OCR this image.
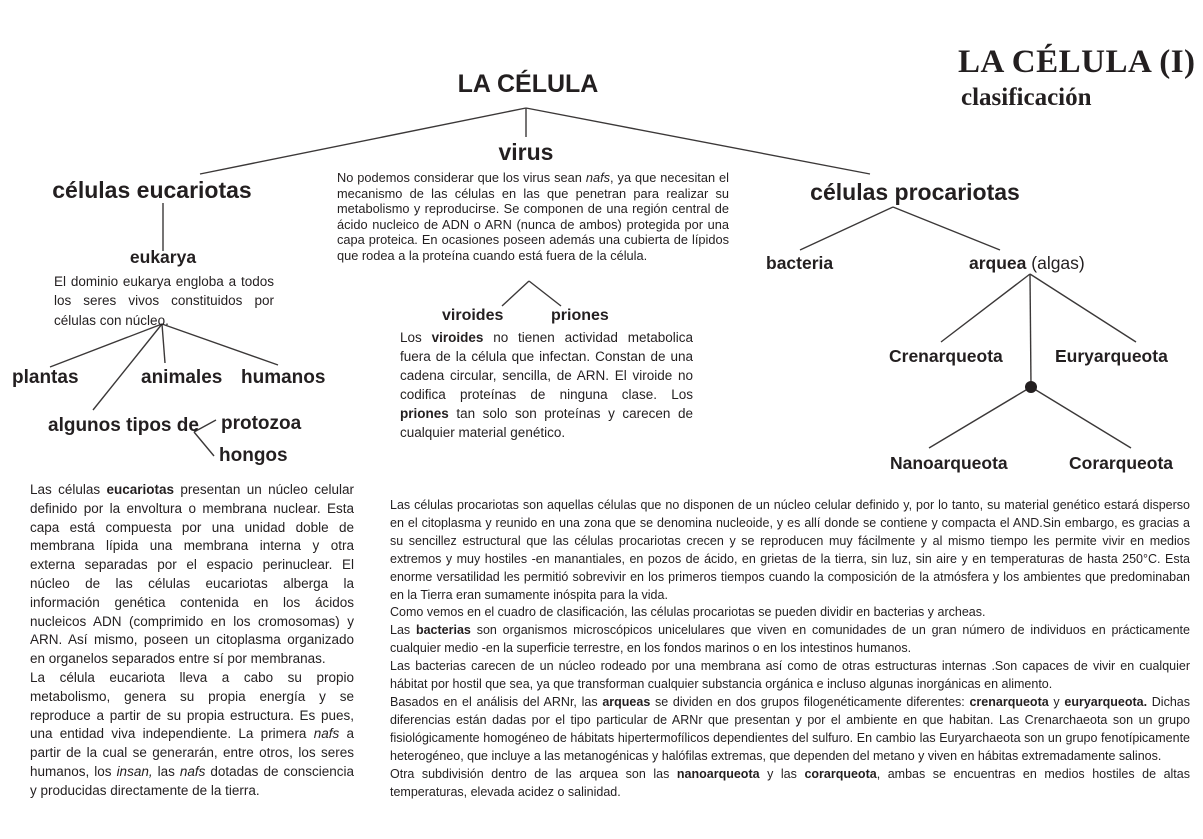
LA CÉLULA (I)
clasificación
LA CÉLULA
células eucariotas
eukarya
El dominio eukarya engloba a todos los seres vivos constituidos por células con núcleo.
plantas	animales humanos
algunos tipos de protozoa
hongos
Las células eucariotas presentan un núcleo celular definido por la envoltura o membrana nuclear. Esta capa está compuesta por una unidad doble de membrana lípida una membrana interna y otra externa separadas por el espacio perinuclear. El núcleo de las células eucariotas alberga la información genética contenida en los ácidos nucleicos ADN (comprimido en los cromosomas) y ARN. Así mismo, poseen un citoplasma organizado en organelos separados entre sí por membranas.
La célula eucariota lleva a cabo su propio metabolismo, genera su propia energía y se reproduce a partir de su propia estructura. Es pues, una entidad viva independiente. La primera nafs a partir de la cual se generarán, entre otros, los seres humanos, los insan, las nafs dotadas de consciencia y producidas directamente de la tierra.
virus
No podemos considerar que los virus sean nafs, ya que necesitan el mecanismo de las células en las que penetran para realizar su metabolismo y reproducirse. Se componen de una región central de ácido nucleico de ADN o ARN (nunca de ambos) protegida por una capa proteica. En ocasiones poseen además una cubierta de lípidos que rodea a la proteína cuando está fuera de la célula.
viroides	priones
Los viroides no tienen actividad metabolica fuera de la célula que infectan. Constan de una cadena circular, sencilla, de ARN. El viroide no codifica proteínas de ninguna clase. Los priones tan solo son proteínas y carecen de cualquier material genético.
células procariotas
bacteria	arquea (algas)
Crenarqueota	Euryarqueota
Nanoarqueota	Corarqueota
Las células procariotas son aquellas células que no disponen de un núcleo celular definido y, por lo tanto, su material genético estará disperso en el citoplasma y reunido en una zona que se denomina nucleoide, y es allí donde se contiene y compacta el AND.Sin embargo, es gracias a su sencillez estructural que las células procariotas crecen y se reproducen muy fácilmente y al mismo tiempo les permite vivir en medios extremos y muy hostiles -en manantiales, en pozos de ácido, en grietas de la tierra, sin luz, sin aire y en temperaturas de hasta 250°C. Esta enorme versatilidad les permitió sobrevivir en los primeros tiempos cuando la composición de la atmósfera y los ambientes que predominaban en la Tierra eran sumamente inóspita para la vida.
Como vemos en el cuadro de clasificación, las células procariotas se pueden dividir en bacterias y archeas.
Las bacterias son organismos microscópicos unicelulares que viven en comunidades de un gran número de individuos en prácticamente cualquier medio -en la superficie terrestre, en los fondos marinos o en los intestinos humanos.
Las bacterias carecen de un núcleo rodeado por una membrana así como de otras estructuras internas .Son capaces de vivir en cualquier hábitat por hostil que sea, ya que transforman cualquier substancia orgánica e incluso algunas inorgánicas en alimento.
Basados en el análisis del ARNr, las arqueas se dividen en dos grupos filogenéticamente diferentes: crenarqueota y euryarqueota. Dichas diferencias están dadas por el tipo particular de ARNr que presentan y por el ambiente en que habitan. Las Crenarchaeota son un grupo fisiológicamente homogéneo de hábitats hipertermofílicos dependientes del sulfuro. En cambio las Euryarchaeota son un grupo fenotípicamente heterogéneo, que incluye a las metanogénicas y halófilas extremas, que dependen del metano y viven en hábitas extremadamente salinos.
Otra subdivisión dentro de las arquea son las nanoarqueota y las corarqueota, ambas se encuentras en medios hostiles de altas temperaturas, elevada acidez o salinidad.
